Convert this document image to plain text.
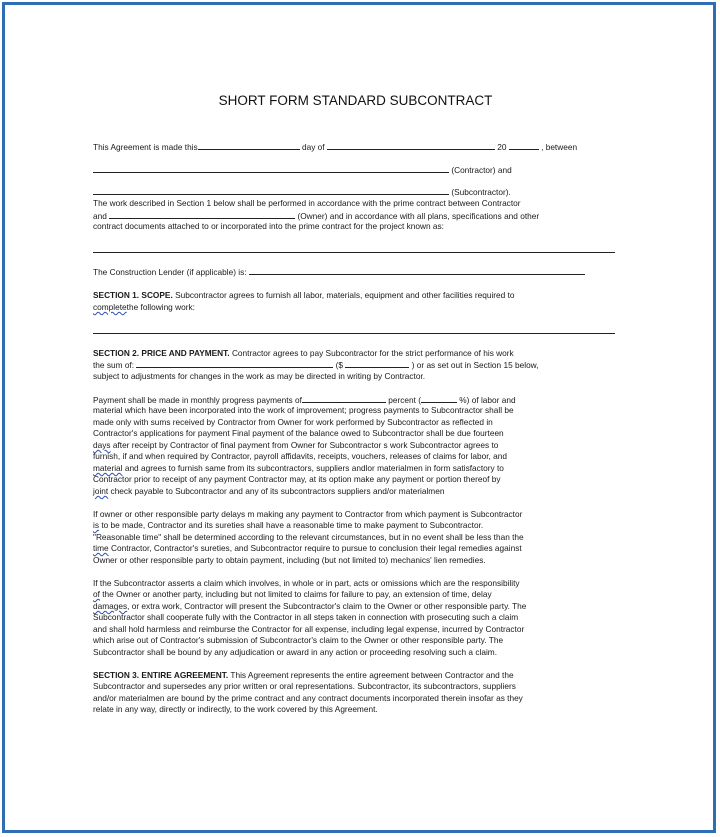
SHORT FORM STANDARD SUBCONTRACT
This Agreement is made this	day of	20	, between
(Contractor) and
(Subcontractor).
The work described in Section 1 below shall be performed in accordance with the prime contract between Contractor
and	(Owner) and in accordance with all plans, specifications and other
contract documents attached to or incorporated into the prime contract for the project known as:
The Construction Lender (if applicable) is:
SECTION 1. SCOPE. Subcontractor agrees to furnish all labor, materials, equipment and other facilities required to
completethe following work:
SECTION 2. PRICE AND PAYMENT. Contractor agrees to pay Subcontractor for the strict performance of his work
the sum of:	($	) or as set out in Section 15 below,
subject to adjustments for changes in the work as may be directed in writing by Contractor.
Payment shall be made in monthly progress payments of	percent (	%) of labor and
material which have been incorporated into the work of improvement; progress payments to Subcontractor shall be
made only with sums received by Contractor from Owner for work performed by Subcontractor as reflected in
Contractor's applications for payment Final payment of the balance owed to Subcontractor shall be due fourteen
days after receipt by Contractor of final payment from Owner for Subcontractor s work Subcontractor agrees to
furnish, if and when required by Contractor, payroll affidavits, receipts, vouchers, releases of claims for labor, and
material and agrees to furnish same from its subcontractors, suppliers andlor materialmen in form satisfactory to
Contractor prior to receipt of any payment Contractor may, at its option make any payment or portion thereof by
joint check payable to Subcontractor and any of its subcontractors suppliers and/or materialmen
If owner or other responsible party delays m making any payment to Contractor from which payment is Subcontractor
is to be made, Contractor and its sureties shall have a reasonable time to make payment to Subcontractor.
"Reasonable time" shall be determined according to the relevant circumstances, but in no event shall be less than the
time Contractor, Contractor's sureties, and Subcontractor require to pursue to conclusion their legal remedies against
Owner or other responsible party to obtain payment, including (but not limited to) mechanics' lien remedies.
If the Subcontractor asserts a claim which involves, in whole or in part, acts or omissions which are the responsibility
of the Owner or another party, including but not limited to claims for failure to pay, an extension of time, delay
damages, or extra work, Contractor will present the Subcontractor's claim to the Owner or other responsible party. The
Subcontractor shall cooperate fully with the Contractor in all steps taken in connection with prosecuting such a claim
and shall hold harmless and reimburse the Contractor for all expense, including legal expense, incurred by Contractor
which arise out of Contractor's submission of Subcontractor's claim to the Owner or other responsible party. The
Subcontractor shall be bound by any adjudication or award in any action or proceeding resolving such a claim.
SECTION 3. ENTIRE AGREEMENT. This Agreement represents the entire agreement between Contractor and the
Subcontractor and supersedes any prior written or oral representations. Subcontractor, its subcontractors, suppliers
and/or materialmen are bound by the prime contract and any contract documents incorporated therein insofar as they
relate in any way, directly or indirectly, to the work covered by this Agreement.
